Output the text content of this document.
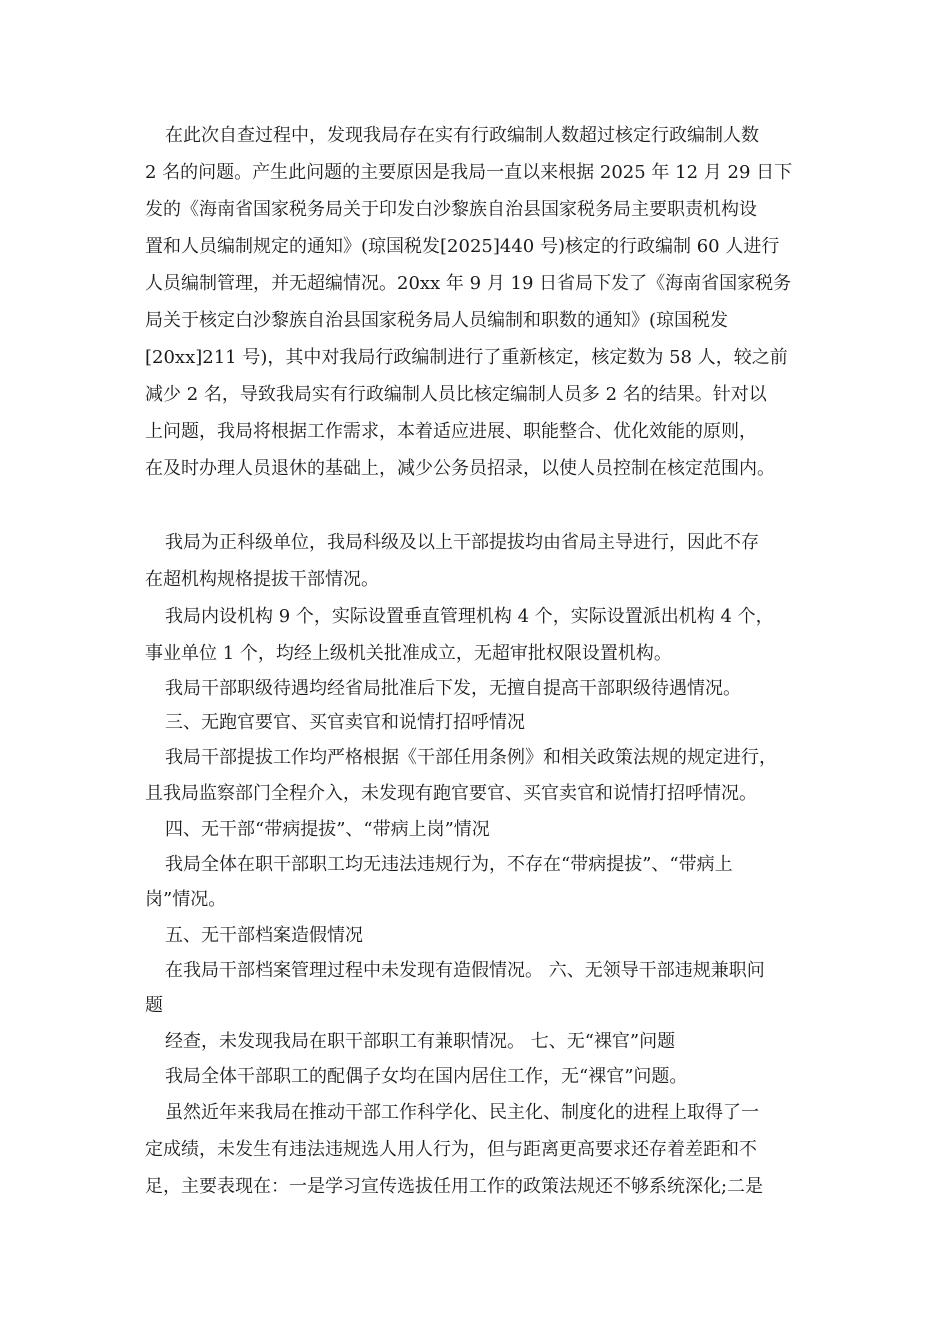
在此次自查过程中，发现我局存在实有行政编制人数超过核定行政编制人数
2 名的问题。产生此问题的主要原因是我局一直以来根据 2025 年 12 月 29 日下
发的《海南省国家税务局关于印发白沙黎族自治县国家税务局主要职责机构设
置和人员编制规定的通知》(琼国税发[2025]440 号)核定的行政编制 60 人进行
人员编制管理，并无超编情况。20xx 年 9 月 19 日省局下发了《海南省国家税务
局关于核定白沙黎族自治县国家税务局人员编制和职数的通知》(琼国税发
[20xx]211 号)，其中对我局行政编制进行了重新核定，核定数为 58 人，较之前
减少 2 名，导致我局实有行政编制人员比核定编制人员多 2 名的结果。针对以
上问题，我局将根据工作需求，本着适应进展、职能整合、优化效能的原则，
在及时办理人员退休的基础上，减少公务员招录，以使人员控制在核定范围内。
我局为正科级单位，我局科级及以上干部提拔均由省局主导进行，因此不存
在超机构规格提拔干部情况。
我局内设机构 9 个，实际设置垂直管理机构 4 个，实际设置派出机构 4 个，
事业单位 1 个，均经上级机关批准成立，无超审批权限设置机构。
我局干部职级待遇均经省局批准后下发，无擅自提高干部职级待遇情况。
三、无跑官要官、买官卖官和说情打招呼情况
我局干部提拔工作均严格根据《干部任用条例》和相关政策法规的规定进行，
且我局监察部门全程介入，未发现有跑官要官、买官卖官和说情打招呼情况。
四、无干部“带病提拔”、“带病上岗”情况
我局全体在职干部职工均无违法违规行为，不存在“带病提拔”、“带病上
岗”情况。
五、无干部档案造假情况
在我局干部档案管理过程中未发现有造假情况。 六、无领导干部违规兼职问
题
经查，未发现我局在职干部职工有兼职情况。 七、无“裸官”问题
我局全体干部职工的配偶子女均在国内居住工作，无“裸官”问题。
虽然近年来我局在推动干部工作科学化、民主化、制度化的进程上取得了一
定成绩，未发生有违法违规选人用人行为，但与距离更高要求还存着差距和不
足，主要表现在：一是学习宣传选拔任用工作的政策法规还不够系统深化;二是
